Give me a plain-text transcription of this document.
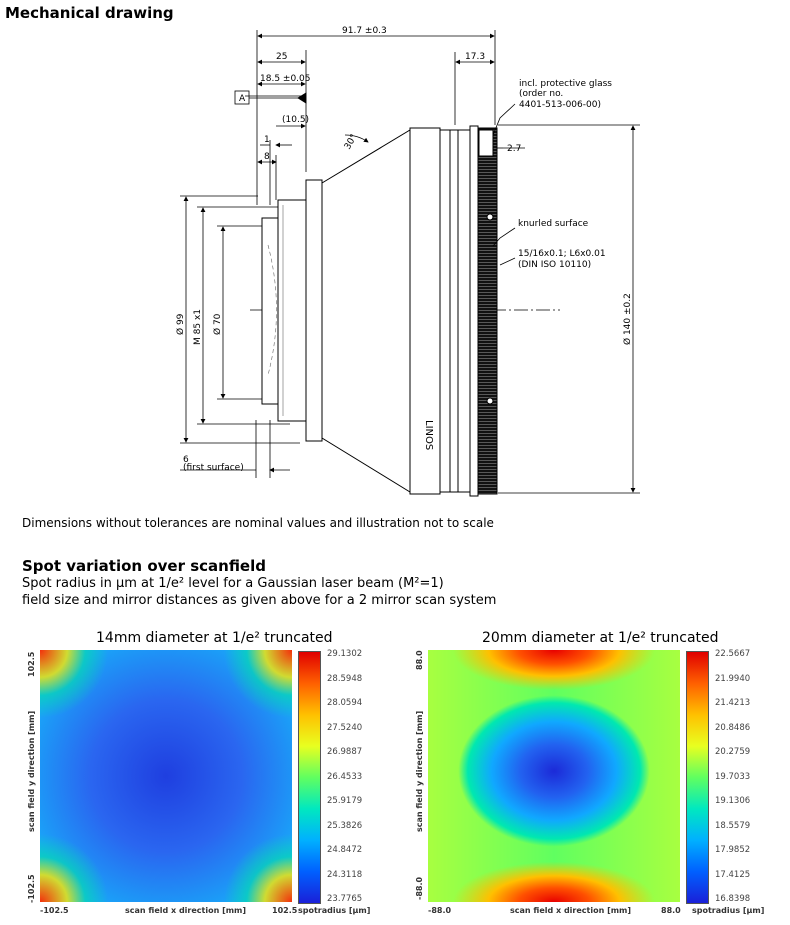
Mechanical drawing
91.7 ±0.3
25	17.3
18.5 ±0.05
(10.5)
1
8
2.7
30°
A
Ø 99 M 85 x1 Ø 70	Ø 140 ±0.2
6
(first surface)
incl. protective glass
(order no.
4401-513-006-00)
knurled surface
15/16x0.1; L6x0.01
(DIN ISO 10110)
LINOS
Dimensions without tolerances are nominal values and illustration not to scale
Spot variation over scanfield
Spot radius in µm at 1/e² level for a Gaussian laser beam (M²=1)
field size and mirror distances as given above for a 2 mirror scan system
14mm diameter at 1/e² truncated
29.1302
28.5948
28.0594
27.5240
26.9887
26.4533
25.9179
25.3826
24.8472
24.3118
23.7765
-102.5	102.5
scan field x direction [mm]	spotradius [µm]
102.5
-102.5
scan field y direction [mm]
20mm diameter at 1/e² truncated
22.5667
21.9940
21.4213
20.8486
20.2759
19.7033
19.1306
18.5579
17.9852
17.4125
16.8398
-88.0	88.0
scan field x direction [mm]	spotradius [µm]
88.0
-88.0
scan field y direction [mm]
